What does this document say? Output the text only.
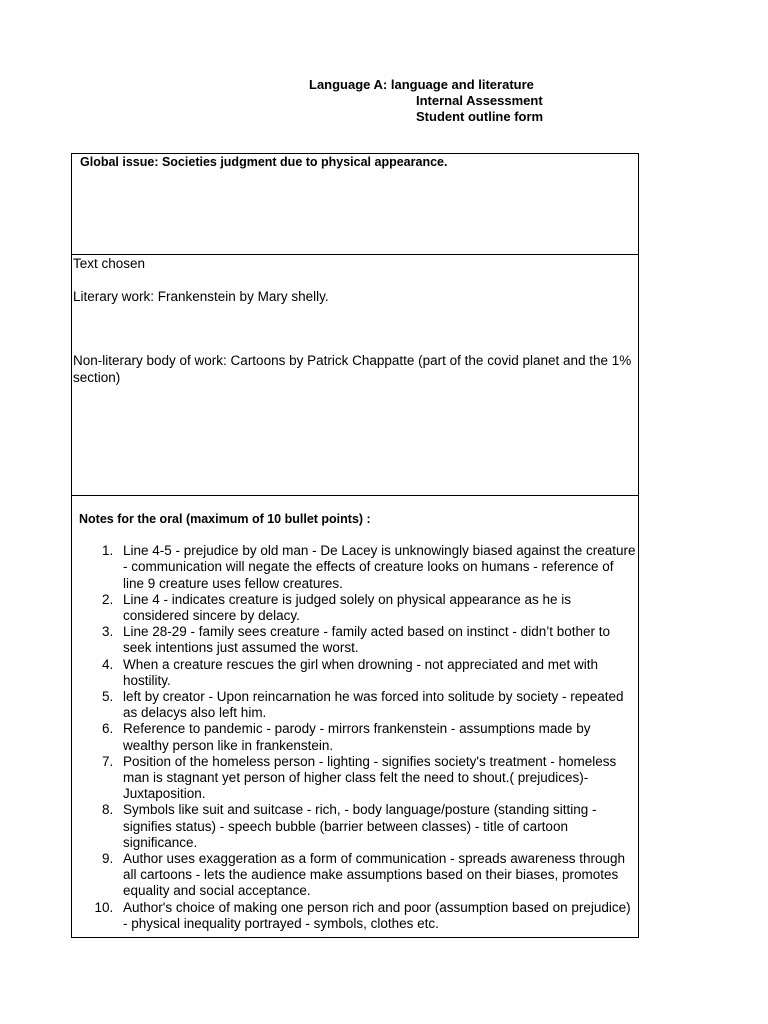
Language A: language and literature
Internal Assessment
Student outline form
Global issue: Societies judgment due to physical appearance.

Text chosen

Literary work: Frankenstein by Mary shelly.

Non-literary body of work: Cartoons by Patrick Chappatte (part of the covid planet and the 1% section)

Notes for the oral (maximum of 10 bullet points) :
1. Line 4-5 - prejudice by old man - De Lacey is unknowingly biased against the creature - communication will negate the effects of creature looks on humans - reference of line 9 creature uses fellow creatures.
2. Line 4 - indicates creature is judged solely on physical appearance as he is considered sincere by delacy.
3. Line 28-29 - family sees creature - family acted based on instinct - didn’t bother to seek intentions just assumed the worst.
4. When a creature rescues the girl when drowning - not appreciated and met with hostility.
5. left by creator - Upon reincarnation he was forced into solitude by society - repeated as delacys also left him.
6. Reference to pandemic - parody - mirrors frankenstein - assumptions made by wealthy person like in frankenstein.
7. Position of the homeless person - lighting - signifies society's treatment - homeless man is stagnant yet person of higher class felt the need to shout.( prejudices)- Juxtaposition.
8. Symbols like suit and suitcase - rich, - body language/posture (standing sitting - signifies status) - speech bubble (barrier between classes) - title of cartoon significance.
9. Author uses exaggeration as a form of communication - spreads awareness through all cartoons - lets the audience make assumptions based on their biases, promotes equality and social acceptance.
10. Author's choice of making one person rich and poor (assumption based on prejudice) - physical inequality portrayed - symbols, clothes etc.
